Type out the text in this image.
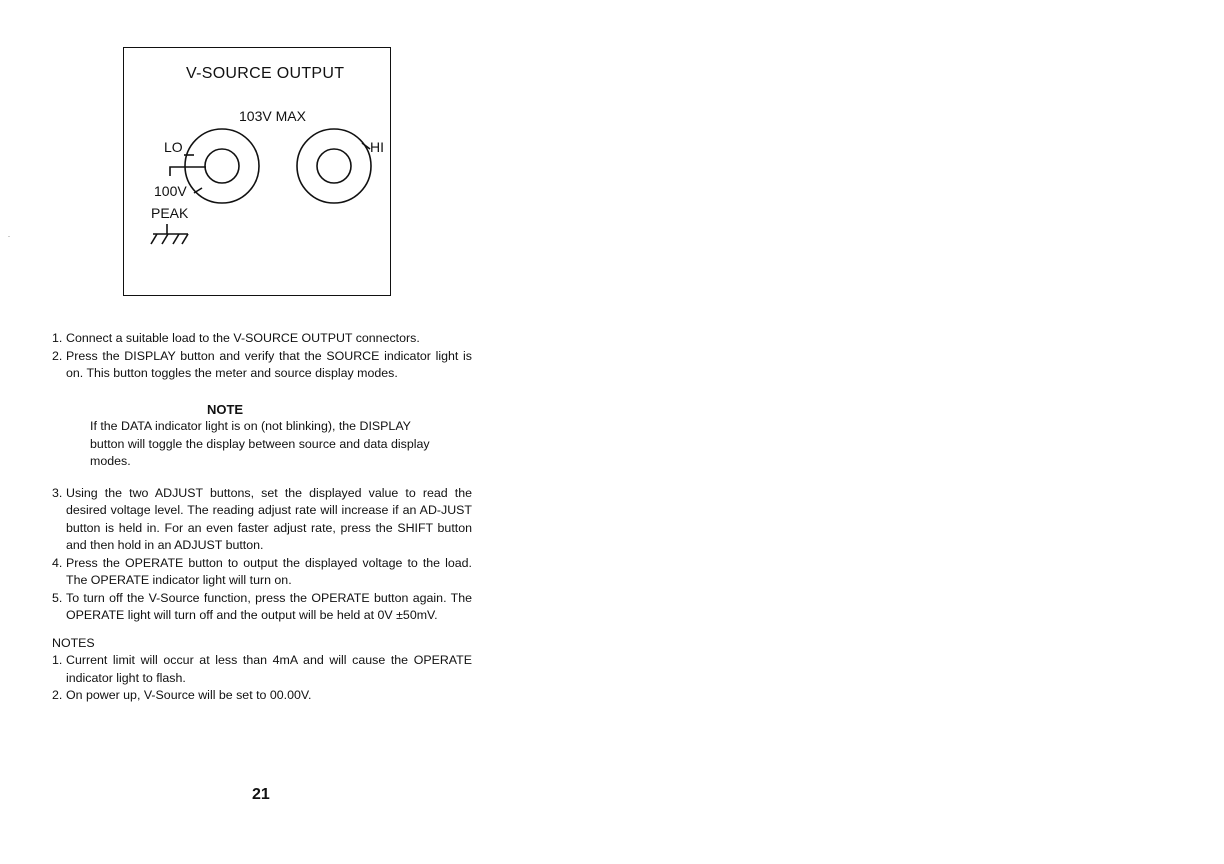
V-SOURCE OUTPUT
103V MAX
LO	HI
100V
PEAK
1. Connect a suitable load to the V-SOURCE OUTPUT connectors.
2. Press the DISPLAY button and verify that the SOURCE indicator light is on. This button toggles the meter and source display modes.
NOTE
If the DATA indicator light is on (not blinking), the DISPLAY button will toggle the display between source and data display modes.
3. Using the two ADJUST buttons, set the displayed value to read the desired voltage level. The reading adjust rate will increase if an AD-JUST button is held in. For an even faster adjust rate, press the SHIFT button and then hold in an ADJUST button.
4. Press the OPERATE button to output the displayed voltage to the load. The OPERATE indicator light will turn on.
5. To turn off the V-Source function, press the OPERATE button again. The OPERATE light will turn off and the output will be held at 0V ±50mV.
NOTES
1. Current limit will occur at less than 4mA and will cause the OPERATE indicator light to flash.
2. On power up, V-Source will be set to 00.00V.
21
